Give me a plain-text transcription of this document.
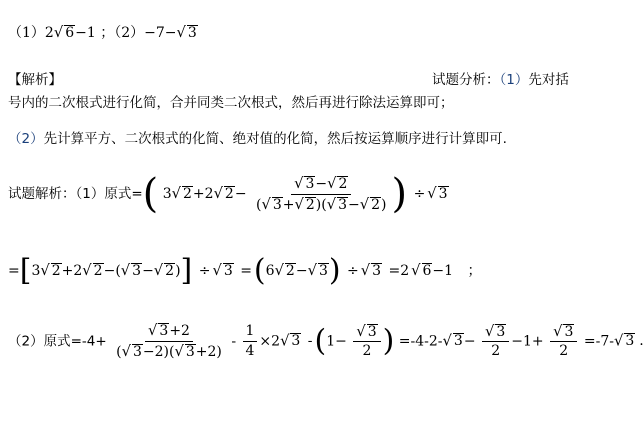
（1）2√ 6−1 ；（2）−7−√ 3
【解析】	试题分析：（1）先对括
号内的二次根式进行化简，合并同类二次根式，然后再进行除法运算即可；
（2）先计算平方、二次根式的化简、绝对值的化简，然后按运算顺序进行计算即可.
试题解析：（1）原式=( 3√ 2+2√ $2- \frac{√ 3-√ 2}{(√ 3+√ 2)(√ 3-√ 2)}$ ) ÷ √ 3
=[3√ 2+2√ 2−(√ 3−√ 2)] ÷ √ 3 =(6√ 2−√ 3) ÷ √ 3 =2 √ 6−1 ；
（2）原式$=-4+ \frac{√ 3+2}{(√ 3-2)(√ 3+2)} - \frac{1}{4} \times 2√$ 3 $-(1- \frac{√ 3}{2}$ ) =-4-2-√ $3- \frac{√ 3}{2} -1+ \frac{√ 3}{2} =-7-√$ 3 .
